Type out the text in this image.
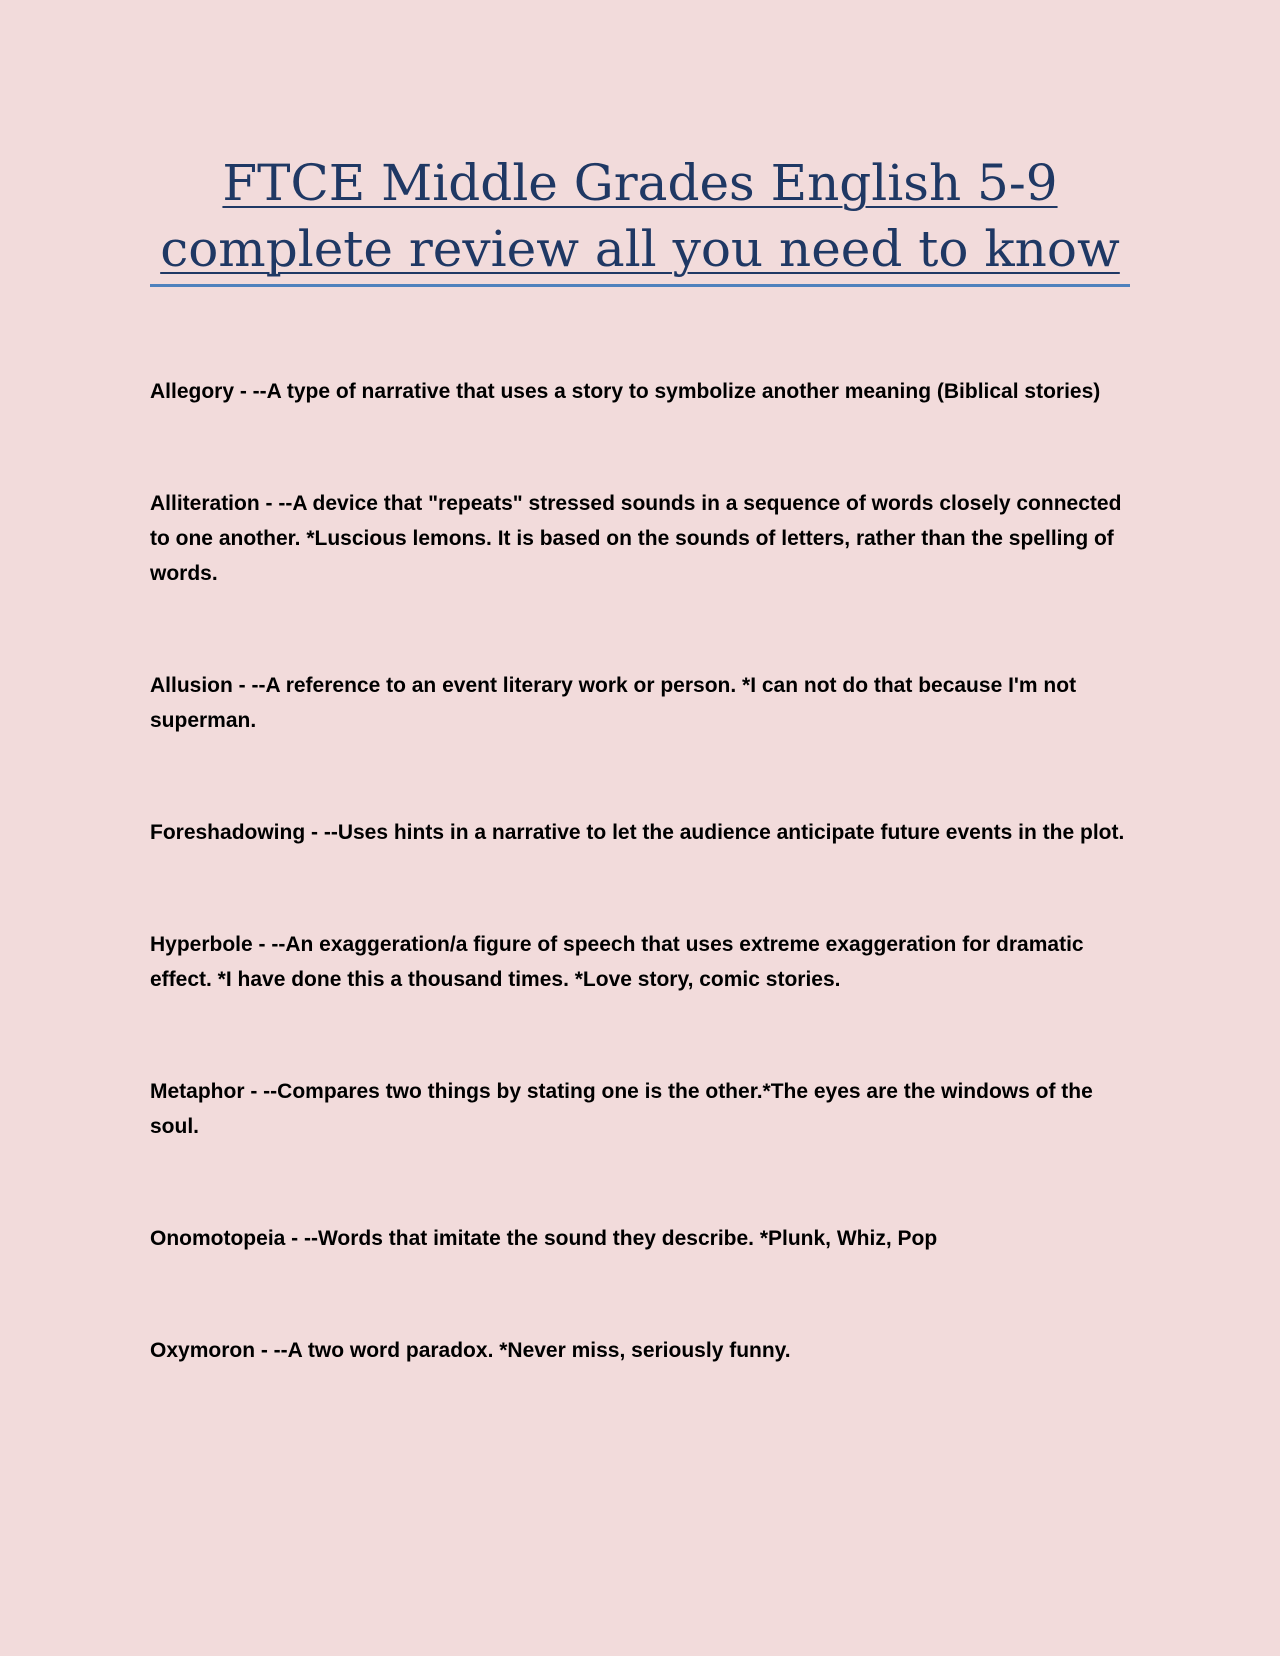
FTCE Middle Grades English 5-9 complete review all you need to know

Allegory - --A type of narrative that uses a story to symbolize another meaning (Biblical stories)

Alliteration - --A device that "repeats" stressed sounds in a sequence of words closely connected to one another. *Luscious lemons. It is based on the sounds of letters, rather than the spelling of words.

Allusion - --A reference to an event literary work or person. *I can not do that because I'm not superman.

Foreshadowing - --Uses hints in a narrative to let the audience anticipate future events in the plot.

Hyperbole - --An exaggeration/a figure of speech that uses extreme exaggeration for dramatic effect. *I have done this a thousand times. *Love story, comic stories.

Metaphor - --Compares two things by stating one is the other.*The eyes are the windows of the soul.

Onomotopeia - --Words that imitate the sound they describe. *Plunk, Whiz, Pop

Oxymoron - --A two word paradox. *Never miss, seriously funny.
